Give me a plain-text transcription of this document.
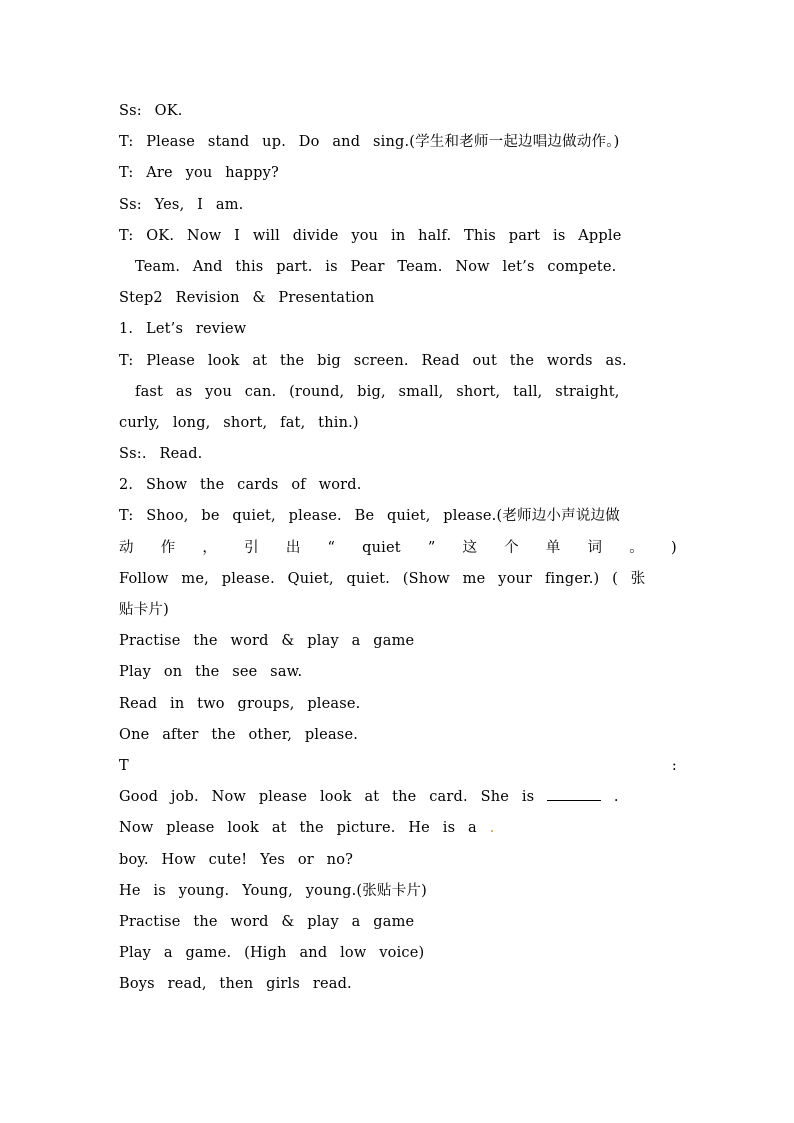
Ss: OK.
T: Please stand up. Do and sing.(学生和老师一起边唱边做动作。)
T: Are you happy?
Ss: Yes, I am.
T: OK. Now I will divide you in half. This part is Apple
Team. And this part. is Pear Team. Now let’s compete.
Step2 Revision & Presentation
1. Let’s review
T: Please look at the big screen. Read out the words as.
fast as you can. (round, big, small, short, tall, straight,
curly, long, short, fat, thin.)
Ss:. Read.
2. Show the cards of word.
T: Shoo, be quiet, please. Be quiet, please.(老师边小声说边做
动 作 ， 引 出 “ quiet ” 这 个 单 词 。 )
Follow me, please. Quiet, quiet. (Show me your finger.) ( 张
贴卡片)
Practise the word & play a game
Play on the see saw.
Read in two groups, please.
One after the other, please.
T	:
Good job. Now please look at the card. She is	.
Now please look at the picture. He is a .
boy. How cute! Yes or no?
He is young. Young, young.(张贴卡片)
Practise the word & play a game
Play a game. (High and low voice)
Boys read, then girls read.
